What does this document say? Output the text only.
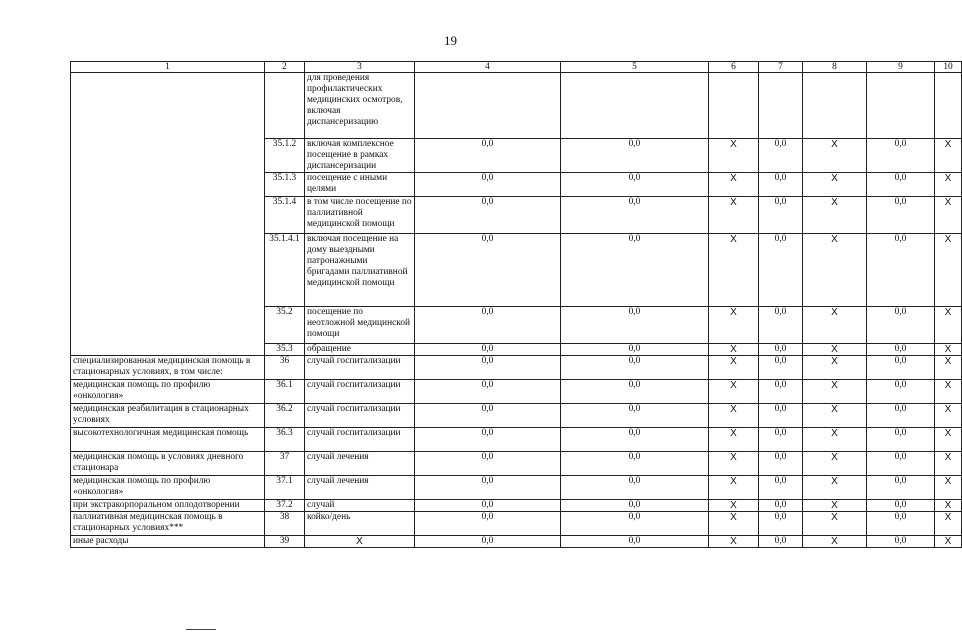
19
1	2	3	4	5	6	7	8	9	10
		для проведения профилактических медицинских осмотров, включая диспансеризацию							
	35.1.2	включая комплексное посещение в рамках диспансеризации	0,0	0,0	X	0,0	X	0,0	X
	35.1.3	посещение с иными целями	0,0	0,0	X	0,0	X	0,0	X
	35.1.4	в том числе посещение по паллиативной медицинской помощи	0,0	0,0	X	0,0	X	0,0	X
	35.1.4.1	включая посещение на дому выездными патронажными бригадами паллиативной медицинской помощи	0,0	0,0	X	0,0	X	0,0	X
	35.2	посещение по неотложной медицинской помощи	0,0	0,0	X	0,0	X	0,0	X
	35.3	обращение	0,0	0,0	X	0,0	X	0,0	X
специализированная медицинская помощь в стационарных условиях, в том числе:	36	случай госпитализации	0,0	0,0	X	0,0	X	0,0	X
медицинская помощь по профилю «онкология»	36.1	случай госпитализации	0,0	0,0	X	0,0	X	0,0	X
медицинская реабилитация в стационарных условиях	36.2	случай госпитализации	0,0	0,0	X	0,0	X	0,0	X
высокотехнологичная медицинская помощь	36.3	случай госпитализации	0,0	0,0	X	0,0	X	0,0	X
медицинская помощь в условиях дневного стационара	37	случай лечения	0,0	0,0	X	0,0	X	0,0	X
медицинская помощь по профилю «онкология»	37.1	случай лечения	0,0	0,0	X	0,0	X	0,0	X
при экстракорпоральном оплодотворении	37.2	случай	0,0	0,0	X	0,0	X	0,0	X
паллиативная медицинская помощь в стационарных условиях***	38	койко/день	0,0	0,0	X	0,0	X	0,0	X
иные расходы	39	X	0,0	0,0	X	0,0	X	0,0	X
